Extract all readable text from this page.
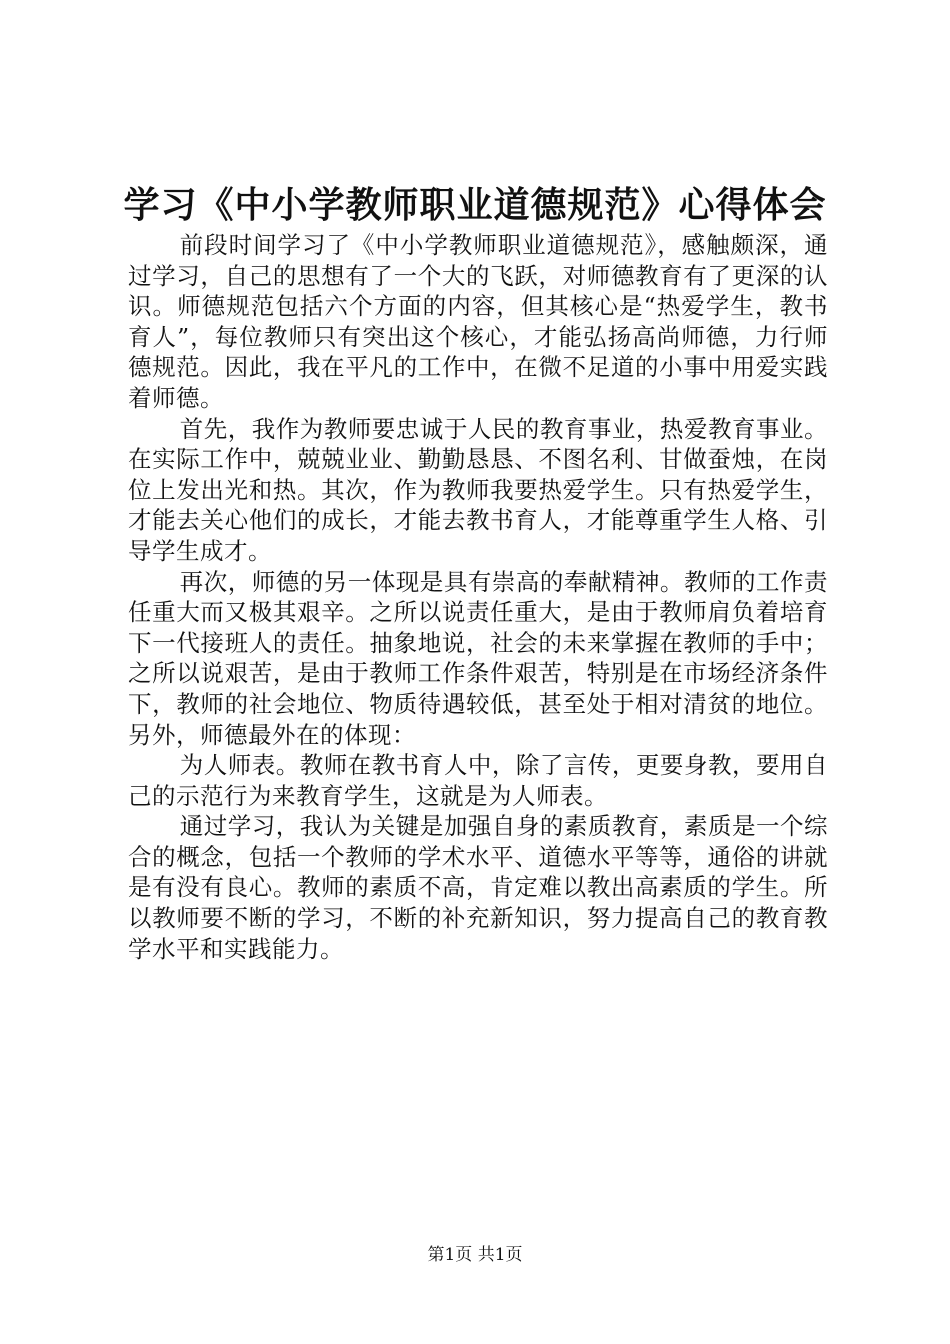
学习《中小学教师职业道德规范》心得体会

前段时间学习了《中小学教师职业道德规范》，感触颇深，通过学习，自己的思想有了一个大的飞跃，对师德教育有了更深的认识。师德规范包括六个方面的内容，但其核心是“热爱学生，教书育人”，每位教师只有突出这个核心，才能弘扬高尚师德，力行师德规范。因此，我在平凡的工作中，在微不足道的小事中用爱实践着师德。

首先，我作为教师要忠诚于人民的教育事业，热爱教育事业。在实际工作中，兢兢业业、勤勤恳恳、不图名利、甘做蚕烛，在岗位上发出光和热。其次，作为教师我要热爱学生。只有热爱学生，才能去关心他们的成长，才能去教书育人，才能尊重学生人格、引导学生成才。

再次，师德的另一体现是具有崇高的奉献精神。教师的工作责任重大而又极其艰辛。之所以说责任重大，是由于教师肩负着培育下一代接班人的责任。抽象地说，社会的未来掌握在教师的手中；之所以说艰苦，是由于教师工作条件艰苦，特别是在市场经济条件下，教师的社会地位、物质待遇较低，甚至处于相对清贫的地位。另外，师德最外在的体现：

为人师表。教师在教书育人中，除了言传，更要身教，要用自己的示范行为来教育学生，这就是为人师表。

通过学习，我认为关键是加强自身的素质教育，素质是一个综合的概念，包括一个教师的学术水平、道德水平等等，通俗的讲就是有没有良心。教师的素质不高，肯定难以教出高素质的学生。所以教师要不断的学习，不断的补充新知识，努力提高自己的教育教学水平和实践能力。

第1页 共1页
